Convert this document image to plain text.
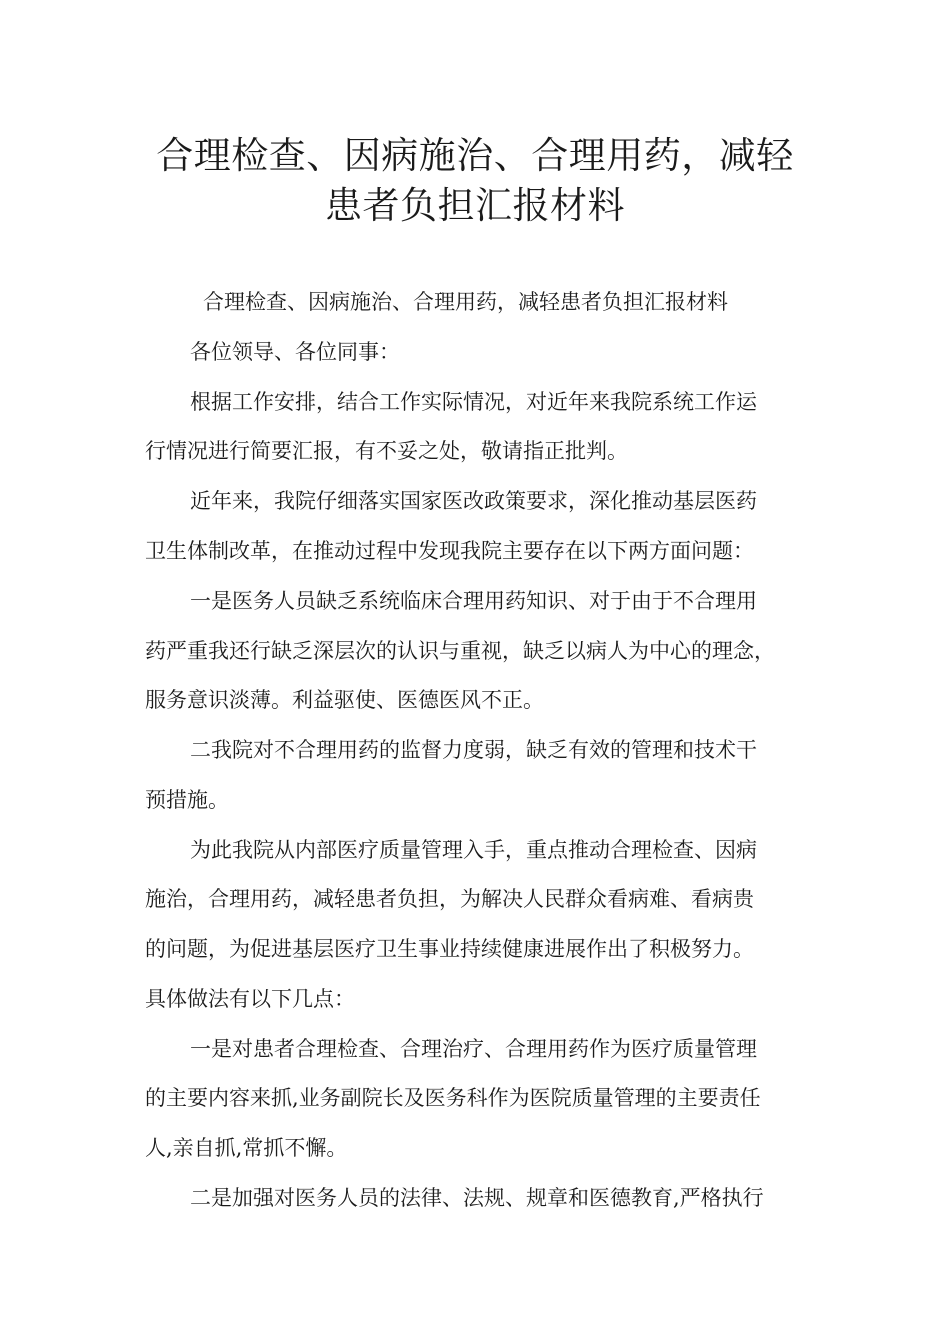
合理检查、因病施治、合理用药，减轻
患者负担汇报材料

合理检查、因病施治、合理用药，减轻患者负担汇报材料

各位领导、各位同事：

根据工作安排，结合工作实际情况，对近年来我院系统工作运

行情况进行简要汇报，有不妥之处，敬请指正批判。

近年来，我院仔细落实国家医改政策要求，深化推动基层医药

卫生体制改革，在推动过程中发现我院主要存在以下两方面问题：

一是医务人员缺乏系统临床合理用药知识、对于由于不合理用

药严重我还行缺乏深层次的认识与重视，缺乏以病人为中心的理念，

服务意识淡薄。利益驱使、医德医风不正。

二我院对不合理用药的监督力度弱，缺乏有效的管理和技术干

预措施。

为此我院从内部医疗质量管理入手，重点推动合理检查、因病

施治，合理用药，减轻患者负担，为解决人民群众看病难、看病贵

的问题，为促进基层医疗卫生事业持续健康进展作出了积极努力。

具体做法有以下几点：

一是对患者合理检查、合理治疗、合理用药作为医疗质量管理

的主要内容来抓,业务副院长及医务科作为医院质量管理的主要责任

人,亲自抓,常抓不懈。

二是加强对医务人员的法律、法规、规章和医德教育,严格执行
